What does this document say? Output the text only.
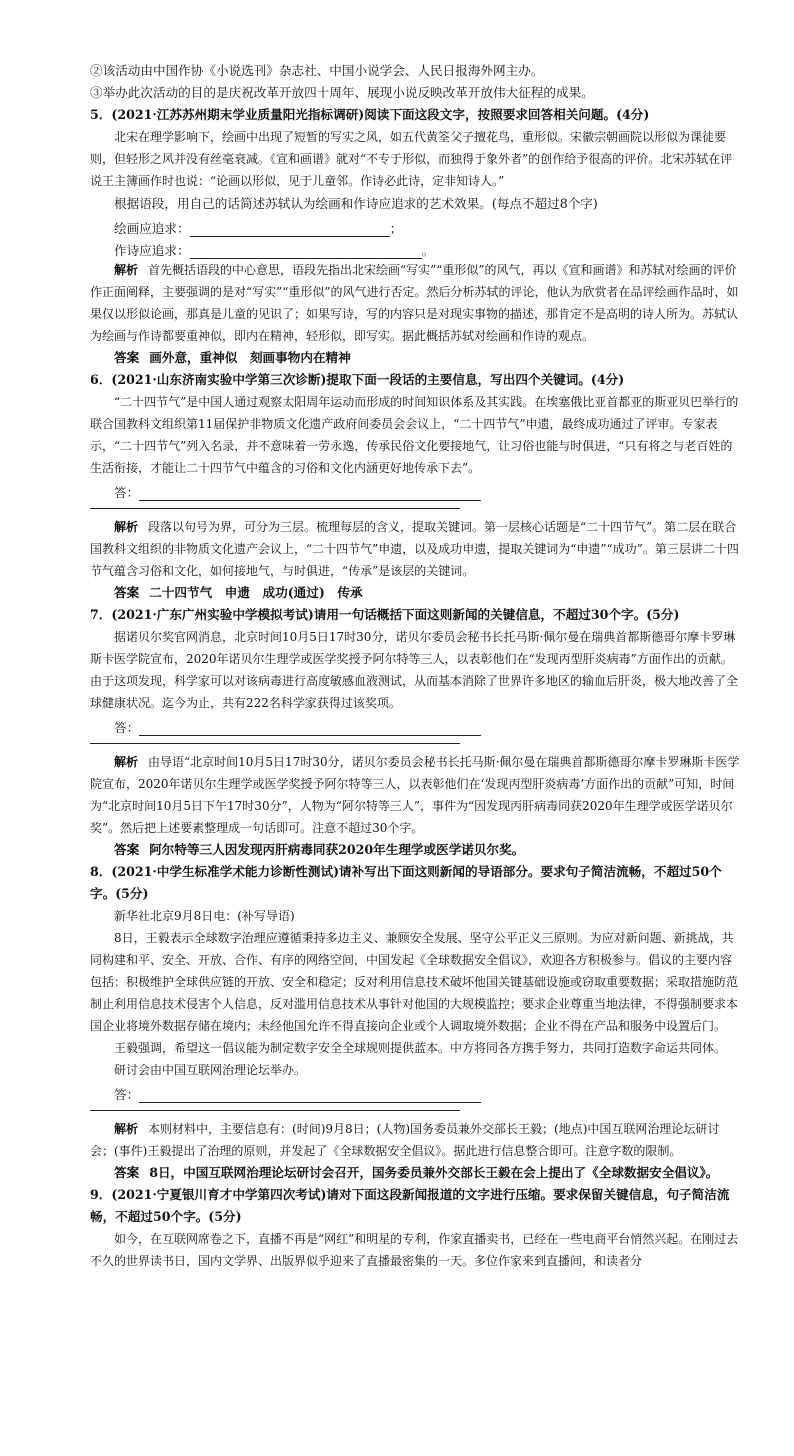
②该活动由中国作协《小说选刊》杂志社、中国小说学会、人民日报海外网主办。

③举办此次活动的目的是庆祝改革开放四十周年、展现小说反映改革开放伟大征程的成果。

5．(2021·江苏苏州期末学业质量阳光指标调研)阅读下面这段文字，按照要求回答相关问题。(4分)

北宋在理学影响下，绘画中出现了短暂的写实之风，如五代黄筌父子擅花鸟，重形似。宋徽宗朝画院以形似为课徒要则，但轻形之风并没有丝毫衰减。《宣和画谱》就对“不专于形似，而独得于象外者”的创作给予很高的评价。北宋苏轼在评说王主簿画作时也说：“论画以形似，见于儿童邻。作诗必此诗，定非知诗人。”

根据语段，用自己的话简述苏轼认为绘画和作诗应追求的艺术效果。(每点不超过8个字)

绘画应追求：	；
作诗应追求：	。

解析 首先概括语段的中心意思，语段先指出北宋绘画“写实”“重形似”的风气，再以《宣和画谱》和苏轼对绘画的评价作正面阐释，主要强调的是对“写实”“重形似”的风气进行否定。然后分析苏轼的评论，他认为欣赏者在品评绘画作品时，如果仅以形似论画，那真是儿童的见识了；如果写诗，写的内容只是对现实事物的描述，那肯定不是高明的诗人所为。苏轼认为绘画与作诗都要重神似，即内在精神，轻形似，即写实。据此概括苏轼对绘画和作诗的观点。

答案 画外意，重神似　刻画事物内在精神

6．(2021·山东济南实验中学第三次诊断)提取下面一段话的主要信息，写出四个关键词。(4分)

“二十四节气”是中国人通过观察太阳周年运动而形成的时间知识体系及其实践。在埃塞俄比亚首都亚的斯亚贝巴举行的联合国教科文组织第11届保护非物质文化遗产政府间委员会会议上，“二十四节气”申遗，最终成功通过了评审。专家表示，“二十四节气”列入名录，并不意味着一劳永逸，传承民俗文化要接地气，让习俗也能与时俱进，“只有将之与老百姓的生活衔接，才能让二十四节气中蕴含的习俗和文化内涵更好地传承下去”。

答：

解析 段落以句号为界，可分为三层。梳理每层的含义，提取关键词。第一层核心话题是“二十四节气”。第二层在联合国教科文组织的非物质文化遗产会议上，“二十四节气”申遗，以及成功申遗，提取关键词为“申遗”“成功”。第三层讲二十四节气蕴含习俗和文化，如何接地气，与时俱进，“传承”是该层的关键词。

答案 二十四节气　申遗　成功(通过)　传承

7．(2021·广东广州实验中学模拟考试)请用一句话概括下面这则新闻的关键信息，不超过30个字。(5分)

据诺贝尔奖官网消息，北京时间10月5日17时30分，诺贝尔委员会秘书长托马斯·佩尔曼在瑞典首都斯德哥尔摩卡罗琳斯卡医学院宣布，2020年诺贝尔生理学或医学奖授予阿尔特等三人，以表彰他们在“发现丙型肝炎病毒”方面作出的贡献。由于这项发现，科学家可以对该病毒进行高度敏感血液测试，从而基本消除了世界许多地区的输血后肝炎，极大地改善了全球健康状况。迄今为止，共有222名科学家获得过该奖项。

答：

解析 由导语“北京时间10月5日17时30分，诺贝尔委员会秘书长托马斯·佩尔曼在瑞典首都斯德哥尔摩卡罗琳斯卡医学院宣布，2020年诺贝尔生理学或医学奖授予阿尔特等三人，以表彰他们在‘发现丙型肝炎病毒’方面作出的贡献”可知，时间为“北京时间10月5日下午17时30分”，人物为“阿尔特等三人”，事件为“因发现丙肝病毒同获2020年生理学或医学诺贝尔奖”。然后把上述要素整理成一句话即可。注意不超过30个字。

答案 阿尔特等三人因发现丙肝病毒同获2020年生理学或医学诺贝尔奖。

8．(2021·中学生标准学术能力诊断性测试)请补写出下面这则新闻的导语部分。要求句子简洁流畅，不超过50个字。(5分)

新华社北京9月8日电：(补写导语)

8日，王毅表示全球数字治理应遵循秉持多边主义、兼顾安全发展、坚守公平正义三原则。为应对新问题、新挑战，共同构建和平、安全、开放、合作、有序的网络空间，中国发起《全球数据安全倡议》，欢迎各方积极参与。倡议的主要内容包括：积极维护全球供应链的开放、安全和稳定；反对利用信息技术破坏他国关键基础设施或窃取重要数据；采取措施防范制止利用信息技术侵害个人信息，反对滥用信息技术从事针对他国的大规模监控；要求企业尊重当地法律，不得强制要求本国企业将境外数据存储在境内；未经他国允许不得直接向企业或个人调取境外数据；企业不得在产品和服务中设置后门。

王毅强调，希望这一倡议能为制定数字安全全球规则提供蓝本。中方将同各方携手努力，共同打造数字命运共同体。

研讨会由中国互联网治理论坛举办。

答：

解析 本则材料中，主要信息有：(时间)9月8日；(人物)国务委员兼外交部长王毅；(地点)中国互联网治理论坛研讨会；(事件)王毅提出了治理的原则，并发起了《全球数据安全倡议》。据此进行信息整合即可。注意字数的限制。

答案 8日，中国互联网治理论坛研讨会召开，国务委员兼外交部长王毅在会上提出了《全球数据安全倡议》。

9．(2021·宁夏银川育才中学第四次考试)请对下面这段新闻报道的文字进行压缩。要求保留关键信息，句子简洁流畅，不超过50个字。(5分)

如今，在互联网席卷之下，直播不再是“网红”和明星的专利，作家直播卖书，已经在一些电商平台悄然兴起。在刚过去不久的世界读书日，国内文学界、出版界似乎迎来了直播最密集的一天。多位作家来到直播间，和读者分
